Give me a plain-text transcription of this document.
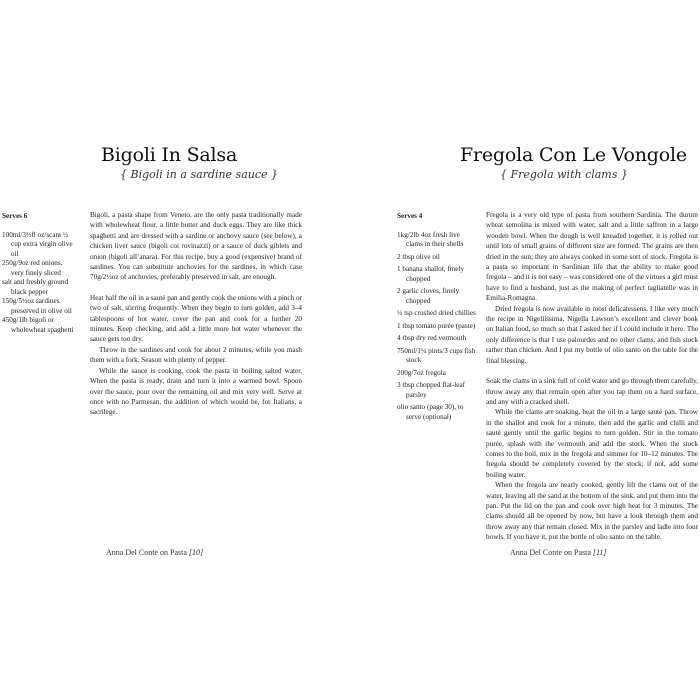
Bigoli In Salsa
{ Bigoli in a sardine sauce }
Serves 6

100ml/3½fl oz/scant ½ cup extra virgin olive oil

250g/9oz red onions, very finely sliced

salt and freshly ground black pepper

150g/5½oz sardines preserved in olive oil

450g/1lb bigoli or wholewheat spaghetti

Bigoli, a pasta shape from Veneto, are the only pasta traditionally made with wholewheat flour, a little butter and duck eggs. They are like thick spaghetti and are dressed with a sardine or anchovy sauce (see below), a chicken liver sauce (bigoli coi rovinazzi) or a sauce of duck giblets and onion (bigoli all’anara). For this recipe, buy a good (expensive) brand of sardines. You can substitute anchovies for the sardines, in which case 70g/2½oz of anchovies, preferably preserved in salt, are enough.

Heat half the oil in a sauté pan and gently cook the onions with a pinch or two of salt, stirring frequently. When they begin to turn golden, add 3–4 tablespoons of hot water, cover the pan and cook for a further 20 minutes. Keep checking, and add a little more hot water whenever the sauce gets too dry.

Throw in the sardines and cook for about 2 minutes, while you mash them with a fork. Season with plenty of pepper.

While the sauce is cooking, cook the pasta in boiling salted water. When the pasta is ready, drain and turn it into a warmed bowl. Spoon over the sauce, pour over the remaining oil and mix very well. Serve at once with no Parmesan, the addition of which would be, for Italians, a sacrilege.

Anna Del Conte on Pasta [10]
Fregola Con Le Vongole
{ Fregola with clams }
Serves 4

1kg/2lb 4oz fresh live clams in their shells

2 tbsp olive oil

1 banana shallot, finely chopped

2 garlic cloves, finely chopped

½ tsp crushed dried chillies

1 tbsp tomato purée (paste)

4 tbsp dry red vermouth

750ml/1¼ pints/3 cups fish stock

200g/7oz fregola

3 tbsp chopped flat-leaf parsley

olio santo (page 30), to serve (optional)

Fregola is a very old type of pasta from southern Sardinia. The durum wheat semolina is mixed with water, salt and a little saffron in a large wooden bowl. When the dough is well kneaded together, it is rolled out until lots of small grains of different size are formed. The grains are then dried in the sun; they are always cooked in some sort of stock. Fregola is a pasta so important in Sardinian life that the ability to make good fregola – and it is not easy – was considered one of the virtues a girl must have to find a husband, just as the making of perfect tagliatelle was in Emilia-Romagna.

Dried fregola is now available in most delicatessens. I like very much the recipe in Nigellissima, Nigella Lawson’s excellent and clever book on Italian food, so much so that I asked her if I could include it here. The only difference is that I use palourdes and no other clams, and fish stock rather than chicken. And I put my bottle of olio santo on the table for the final blessing.

Soak the clams in a sink full of cold water and go through them carefully, throw away any that remain open after you tap them on a hard surface, and any with a cracked shell.

While the clams are soaking, heat the oil in a large sauté pan. Throw in the shallot and cook for a minute, then add the garlic and chilli and sauté gently until the garlic begins to turn golden. Stir in the tomato purée, splash with the vermouth and add the stock. When the stock comes to the boil, mix in the fregola and simmer for 10–12 minutes. The fregola should be completely covered by the stock; if not, add some boiling water.

When the fregola are nearly cooked, gently lift the clams out of the water, leaving all the sand at the bottom of the sink, and put them into the pan. Put the lid on the pan and cook over high heat for 3 minutes. The clams should all be opened by now, but have a look through them and throw away any that remain closed. Mix in the parsley and ladle into four bowls. If you have it, put the bottle of olio santo on the table.

Anna Del Conte on Pasta [11]
